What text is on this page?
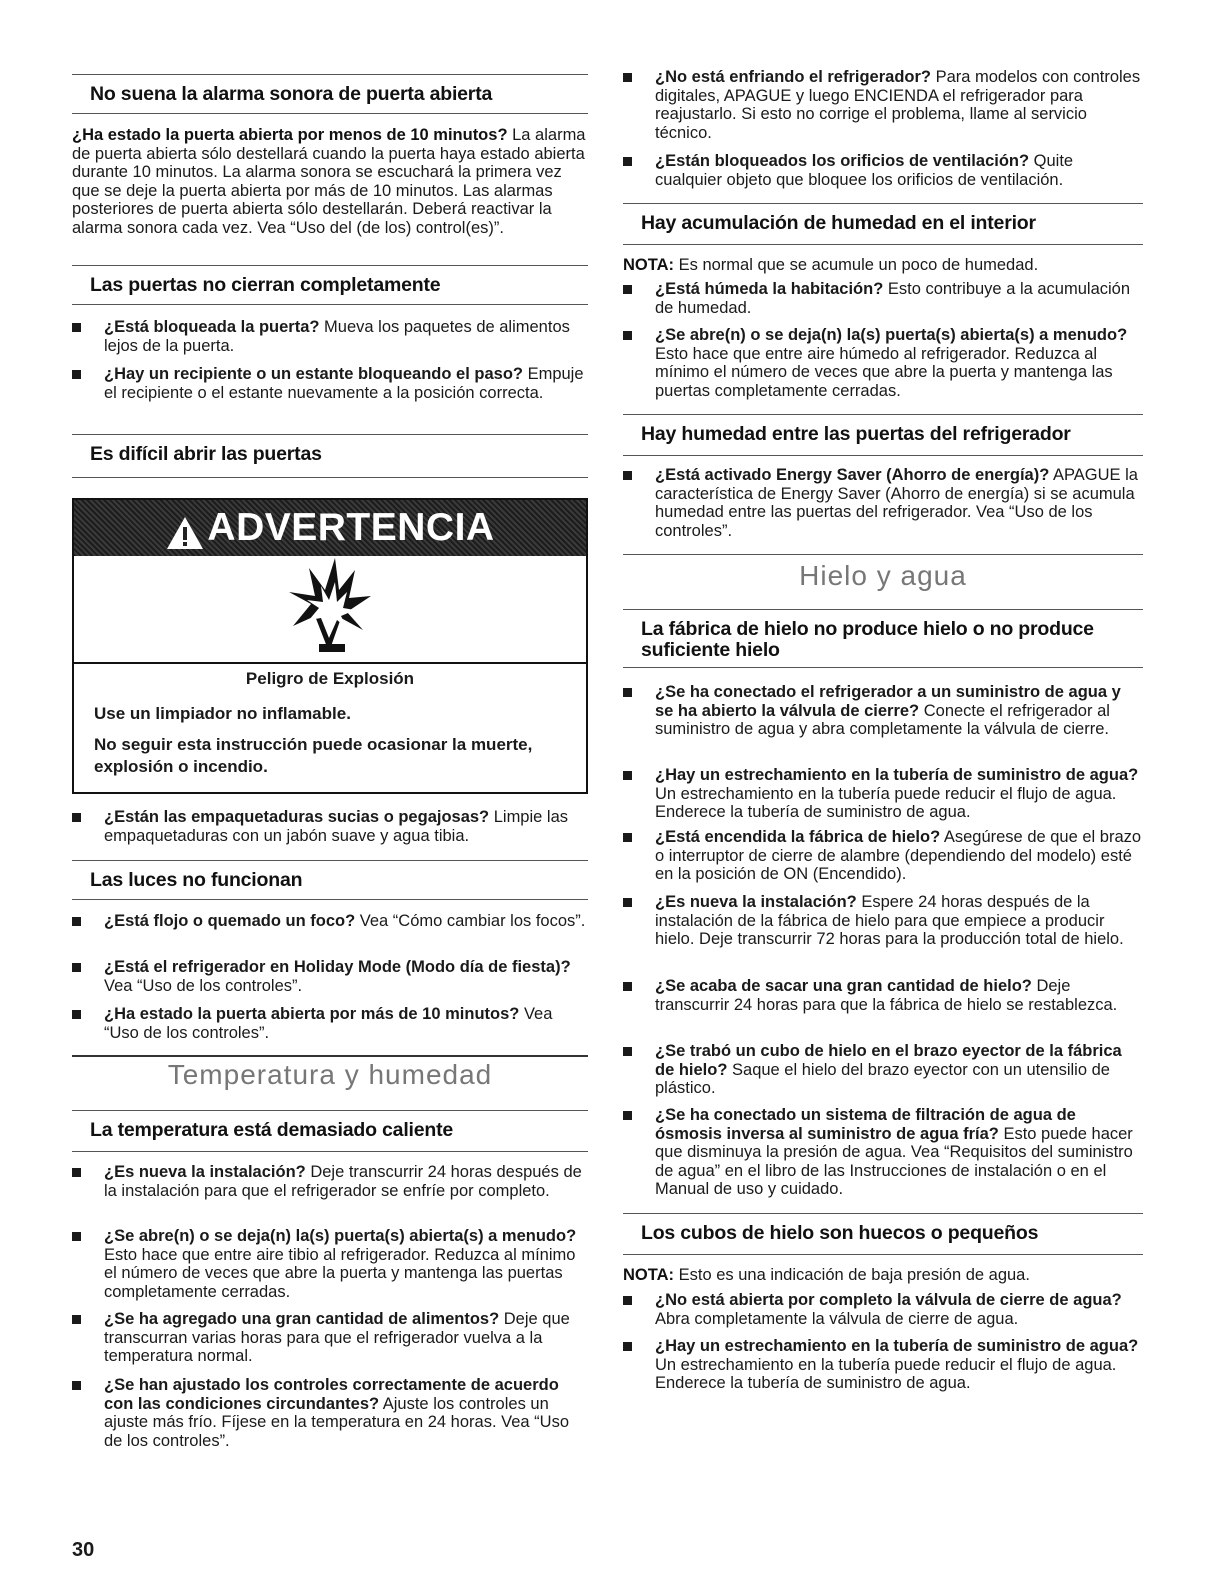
No suena la alarma sonora de puerta abierta

¿Ha estado la puerta abierta por menos de 10 minutos? La alarma de puerta abierta sólo destellará cuando la puerta haya estado abierta durante 10 minutos. La alarma sonora se escuchará la primera vez que se deje la puerta abierta por más de 10 minutos. Las alarmas posteriores de puerta abierta sólo destellarán. Deberá reactivar la alarma sonora cada vez. Vea “Uso del (de los) control(es)”.

Las puertas no cierran completamente

¿Está bloqueada la puerta? Mueva los paquetes de alimentos lejos de la puerta.

¿Hay un recipiente o un estante bloqueando el paso? Empuje el recipiente o el estante nuevamente a la posición correcta.

Es difícil abrir las puertas
ADVERTENCIA
Peligro de Explosión

Use un limpiador no inflamable.

No seguir esta instrucción puede ocasionar la muerte, explosión o incendio.

¿Están las empaquetaduras sucias o pegajosas? Limpie las empaquetaduras con un jabón suave y agua tibia.

Las luces no funcionan

¿Está flojo o quemado un foco? Vea “Cómo cambiar los focos”.

¿Está el refrigerador en Holiday Mode (Modo día de fiesta)? Vea “Uso de los controles”.

¿Ha estado la puerta abierta por más de 10 minutos? Vea “Uso de los controles”.

Temperatura y humedad
La temperatura está demasiado caliente

¿Es nueva la instalación? Deje transcurrir 24 horas después de la instalación para que el refrigerador se enfríe por completo.

¿Se abre(n) o se deja(n) la(s) puerta(s) abierta(s) a menudo? Esto hace que entre aire tibio al refrigerador. Reduzca al mínimo el número de veces que abre la puerta y mantenga las puertas completamente cerradas.

¿Se ha agregado una gran cantidad de alimentos? Deje que transcurran varias horas para que el refrigerador vuelva a la temperatura normal.

¿Se han ajustado los controles correctamente de acuerdo con las condiciones circundantes? Ajuste los controles un ajuste más frío. Fíjese en la temperatura en 24 horas. Vea “Uso de los controles”.

¿No está enfriando el refrigerador? Para modelos con controles digitales, APAGUE y luego ENCIENDA el refrigerador para reajustarlo. Si esto no corrige el problema, llame al servicio técnico.

¿Están bloqueados los orificios de ventilación? Quite cualquier objeto que bloquee los orificios de ventilación.

Hay acumulación de humedad en el interior

NOTA: Es normal que se acumule un poco de humedad.

¿Está húmeda la habitación? Esto contribuye a la acumulación de humedad.

¿Se abre(n) o se deja(n) la(s) puerta(s) abierta(s) a menudo? Esto hace que entre aire húmedo al refrigerador. Reduzca al mínimo el número de veces que abre la puerta y mantenga las puertas completamente cerradas.

Hay humedad entre las puertas del refrigerador

¿Está activado Energy Saver (Ahorro de energía)? APAGUE la característica de Energy Saver (Ahorro de energía) si se acumula humedad entre las puertas del refrigerador. Vea “Uso de los controles”.

Hielo y agua
La fábrica de hielo no produce hielo o no produce suficiente hielo

¿Se ha conectado el refrigerador a un suministro de agua y se ha abierto la válvula de cierre? Conecte el refrigerador al suministro de agua y abra completamente la válvula de cierre.

¿Hay un estrechamiento en la tubería de suministro de agua? Un estrechamiento en la tubería puede reducir el flujo de agua. Enderece la tubería de suministro de agua.

¿Está encendida la fábrica de hielo? Asegúrese de que el brazo o interruptor de cierre de alambre (dependiendo del modelo) esté en la posición de ON (Encendido).

¿Es nueva la instalación? Espere 24 horas después de la instalación de la fábrica de hielo para que empiece a producir hielo. Deje transcurrir 72 horas para la producción total de hielo.

¿Se acaba de sacar una gran cantidad de hielo? Deje transcurrir 24 horas para que la fábrica de hielo se restablezca.

¿Se trabó un cubo de hielo en el brazo eyector de la fábrica de hielo? Saque el hielo del brazo eyector con un utensilio de plástico.

¿Se ha conectado un sistema de filtración de agua de ósmosis inversa al suministro de agua fría? Esto puede hacer que disminuya la presión de agua. Vea “Requisitos del suministro de agua” en el libro de las Instrucciones de instalación o en el Manual de uso y cuidado.

Los cubos de hielo son huecos o pequeños

NOTA: Esto es una indicación de baja presión de agua.

¿No está abierta por completo la válvula de cierre de agua? Abra completamente la válvula de cierre de agua.

¿Hay un estrechamiento en la tubería de suministro de agua? Un estrechamiento en la tubería puede reducir el flujo de agua. Enderece la tubería de suministro de agua.

30
